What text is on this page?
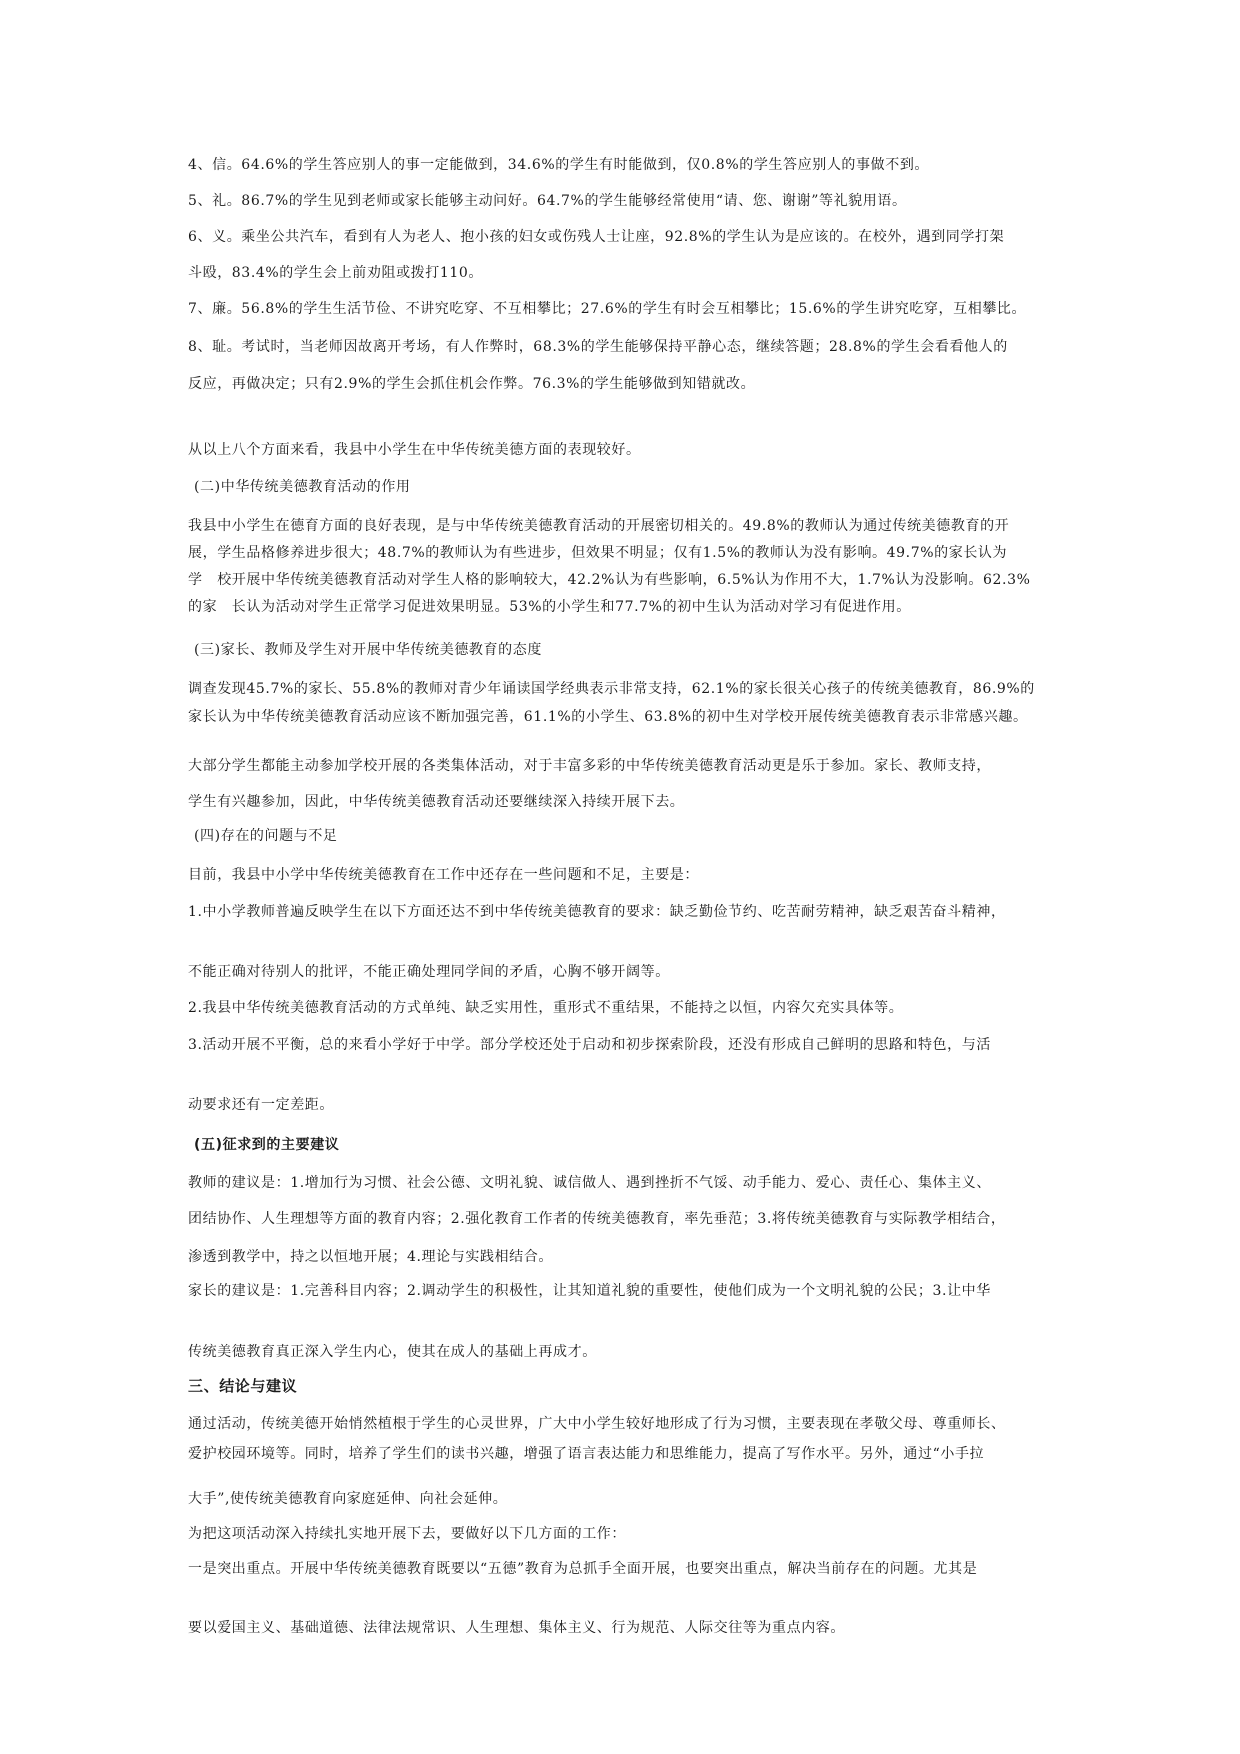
4、信。64.6%的学生答应别人的事一定能做到，34.6%的学生有时能做到，仅0.8%的学生答应别人的事做不到。
5、礼。86.7%的学生见到老师或家长能够主动问好。64.7%的学生能够经常使用“请、您、谢谢”等礼貌用语。
6、义。乘坐公共汽车，看到有人为老人、抱小孩的妇女或伤残人士让座，92.8%的学生认为是应该的。在校外，遇到同学打架
斗殴，83.4%的学生会上前劝阻或拨打110。
7、廉。56.8%的学生生活节俭、不讲究吃穿、不互相攀比；27.6%的学生有时会互相攀比；15.6%的学生讲究吃穿，互相攀比。
8、耻。考试时，当老师因故离开考场，有人作弊时，68.3%的学生能够保持平静心态，继续答题；28.8%的学生会看看他人的
反应，再做决定；只有2.9%的学生会抓住机会作弊。76.3%的学生能够做到知错就改。
从以上八个方面来看，我县中小学生在中华传统美德方面的表现较好。
(二)中华传统美德教育活动的作用
我县中小学生在德育方面的良好表现，是与中华传统美德教育活动的开展密切相关的。49.8%的教师认为通过传统美德教育的开
展，学生品格修养进步很大；48.7%的教师认为有些进步，但效果不明显；仅有1.5%的教师认为没有影响。49.7%的家长认为
学　校开展中华传统美德教育活动对学生人格的影响较大，42.2%认为有些影响，6.5%认为作用不大，1.7%认为没影响。62.3%
的家　长认为活动对学生正常学习促进效果明显。53%的小学生和77.7%的初中生认为活动对学习有促进作用。
(三)家长、教师及学生对开展中华传统美德教育的态度
调查发现45.7%的家长、55.8%的教师对青少年诵读国学经典表示非常支持，62.1%的家长很关心孩子的传统美德教育，86.9%的
家长认为中华传统美德教育活动应该不断加强完善，61.1%的小学生、63.8%的初中生对学校开展传统美德教育表示非常感兴趣。
大部分学生都能主动参加学校开展的各类集体活动，对于丰富多彩的中华传统美德教育活动更是乐于参加。家长、教师支持，
学生有兴趣参加，因此，中华传统美德教育活动还要继续深入持续开展下去。
(四)存在的问题与不足
目前，我县中小学中华传统美德教育在工作中还存在一些问题和不足，主要是：
1.中小学教师普遍反映学生在以下方面还达不到中华传统美德教育的要求：缺乏勤俭节约、吃苦耐劳精神，缺乏艰苦奋斗精神，
不能正确对待别人的批评，不能正确处理同学间的矛盾，心胸不够开阔等。
2.我县中华传统美德教育活动的方式单纯、缺乏实用性，重形式不重结果，不能持之以恒，内容欠充实具体等。
3.活动开展不平衡，总的来看小学好于中学。部分学校还处于启动和初步探索阶段，还没有形成自己鲜明的思路和特色，与活
动要求还有一定差距。
(五)征求到的主要建议
教师的建议是：1.增加行为习惯、社会公德、文明礼貌、诚信做人、遇到挫折不气馁、动手能力、爱心、责任心、集体主义、
团结协作、人生理想等方面的教育内容；2.强化教育工作者的传统美德教育，率先垂范；3.将传统美德教育与实际教学相结合，
渗透到教学中，持之以恒地开展；4.理论与实践相结合。
家长的建议是：1.完善科目内容；2.调动学生的积极性，让其知道礼貌的重要性，使他们成为一个文明礼貌的公民；3.让中华
传统美德教育真正深入学生内心，使其在成人的基础上再成才。
三、结论与建议
通过活动，传统美德开始悄然植根于学生的心灵世界，广大中小学生较好地形成了行为习惯，主要表现在孝敬父母、尊重师长、
爱护校园环境等。同时，培养了学生们的读书兴趣，增强了语言表达能力和思维能力，提高了写作水平。另外，通过“小手拉
大手”,使传统美德教育向家庭延伸、向社会延伸。
为把这项活动深入持续扎实地开展下去，要做好以下几方面的工作：
一是突出重点。开展中华传统美德教育既要以“五德”教育为总抓手全面开展，也要突出重点，解决当前存在的问题。尤其是
要以爱国主义、基础道德、法律法规常识、人生理想、集体主义、行为规范、人际交往等为重点内容。
